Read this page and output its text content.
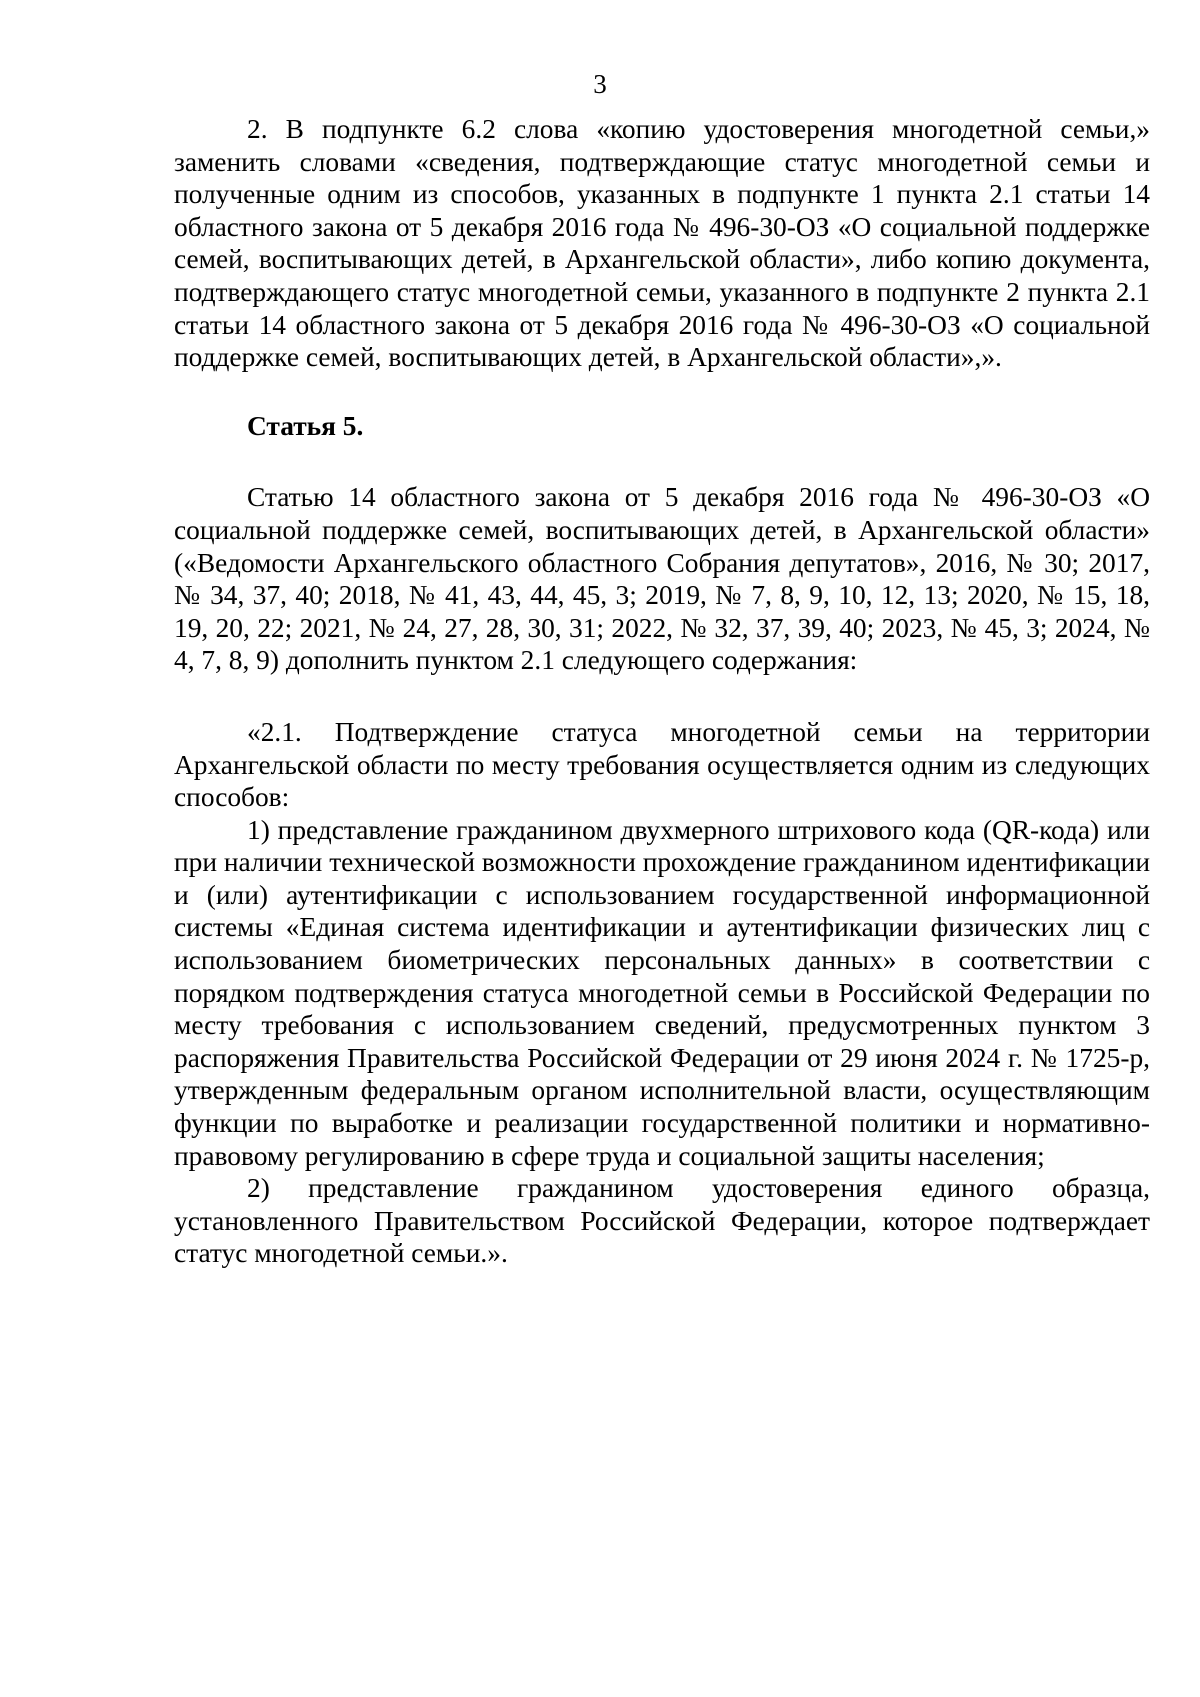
3

2. В подпункте 6.2 слова «копию удостоверения многодетной семьи,» заменить словами «сведения, подтверждающие статус многодетной семьи и полученные одним из способов, указанных в подпункте 1 пункта 2.1 статьи 14 областного закона от 5 декабря 2016 года № 496-30-ОЗ «О социальной поддержке семей, воспитывающих детей, в Архангельской области», либо копию документа, подтверждающего статус многодетной семьи, указанного в подпункте 2 пункта 2.1 статьи 14 областного закона от 5 декабря 2016 года № 496-30-ОЗ «О социальной поддержке семей, воспитывающих детей, в Архангельской области»,».

Статья 5.

Статью 14 областного закона от 5 декабря 2016 года № 496-30-ОЗ «О социальной поддержке семей, воспитывающих детей, в Архангельской области» («Ведомости Архангельского областного Собрания депутатов», 2016, № 30; 2017, № 34, 37, 40; 2018, № 41, 43, 44, 45, 3; 2019, № 7, 8, 9, 10, 12, 13; 2020, № 15, 18, 19, 20, 22; 2021, № 24, 27, 28, 30, 31; 2022, № 32, 37, 39, 40; 2023, № 45, 3; 2024, № 4, 7, 8, 9) дополнить пунктом 2.1 следующего содержания:

«2.1. Подтверждение статуса многодетной семьи на территории Архангельской области по месту требования осуществляется одним из следующих способов:

1) представление гражданином двухмерного штрихового кода (QR-кода) или при наличии технической возможности прохождение гражданином идентификации и (или) аутентификации с использованием государственной информационной системы «Единая система идентификации и аутентификации физических лиц с использованием биометрических персональных данных» в соответствии с порядком подтверждения статуса многодетной семьи в Российской Федерации по месту требования с использованием сведений, предусмотренных пунктом 3 распоряжения Правительства Российской Федерации от 29 июня 2024 г. № 1725-р, утвержденным федеральным органом исполнительной власти, осуществляющим функции по выработке и реализации государственной политики и нормативно-правовому регулированию в сфере труда и социальной защиты населения;

2) представление гражданином удостоверения единого образца, установленного Правительством Российской Федерации, которое подтверждает статус многодетной семьи.».
